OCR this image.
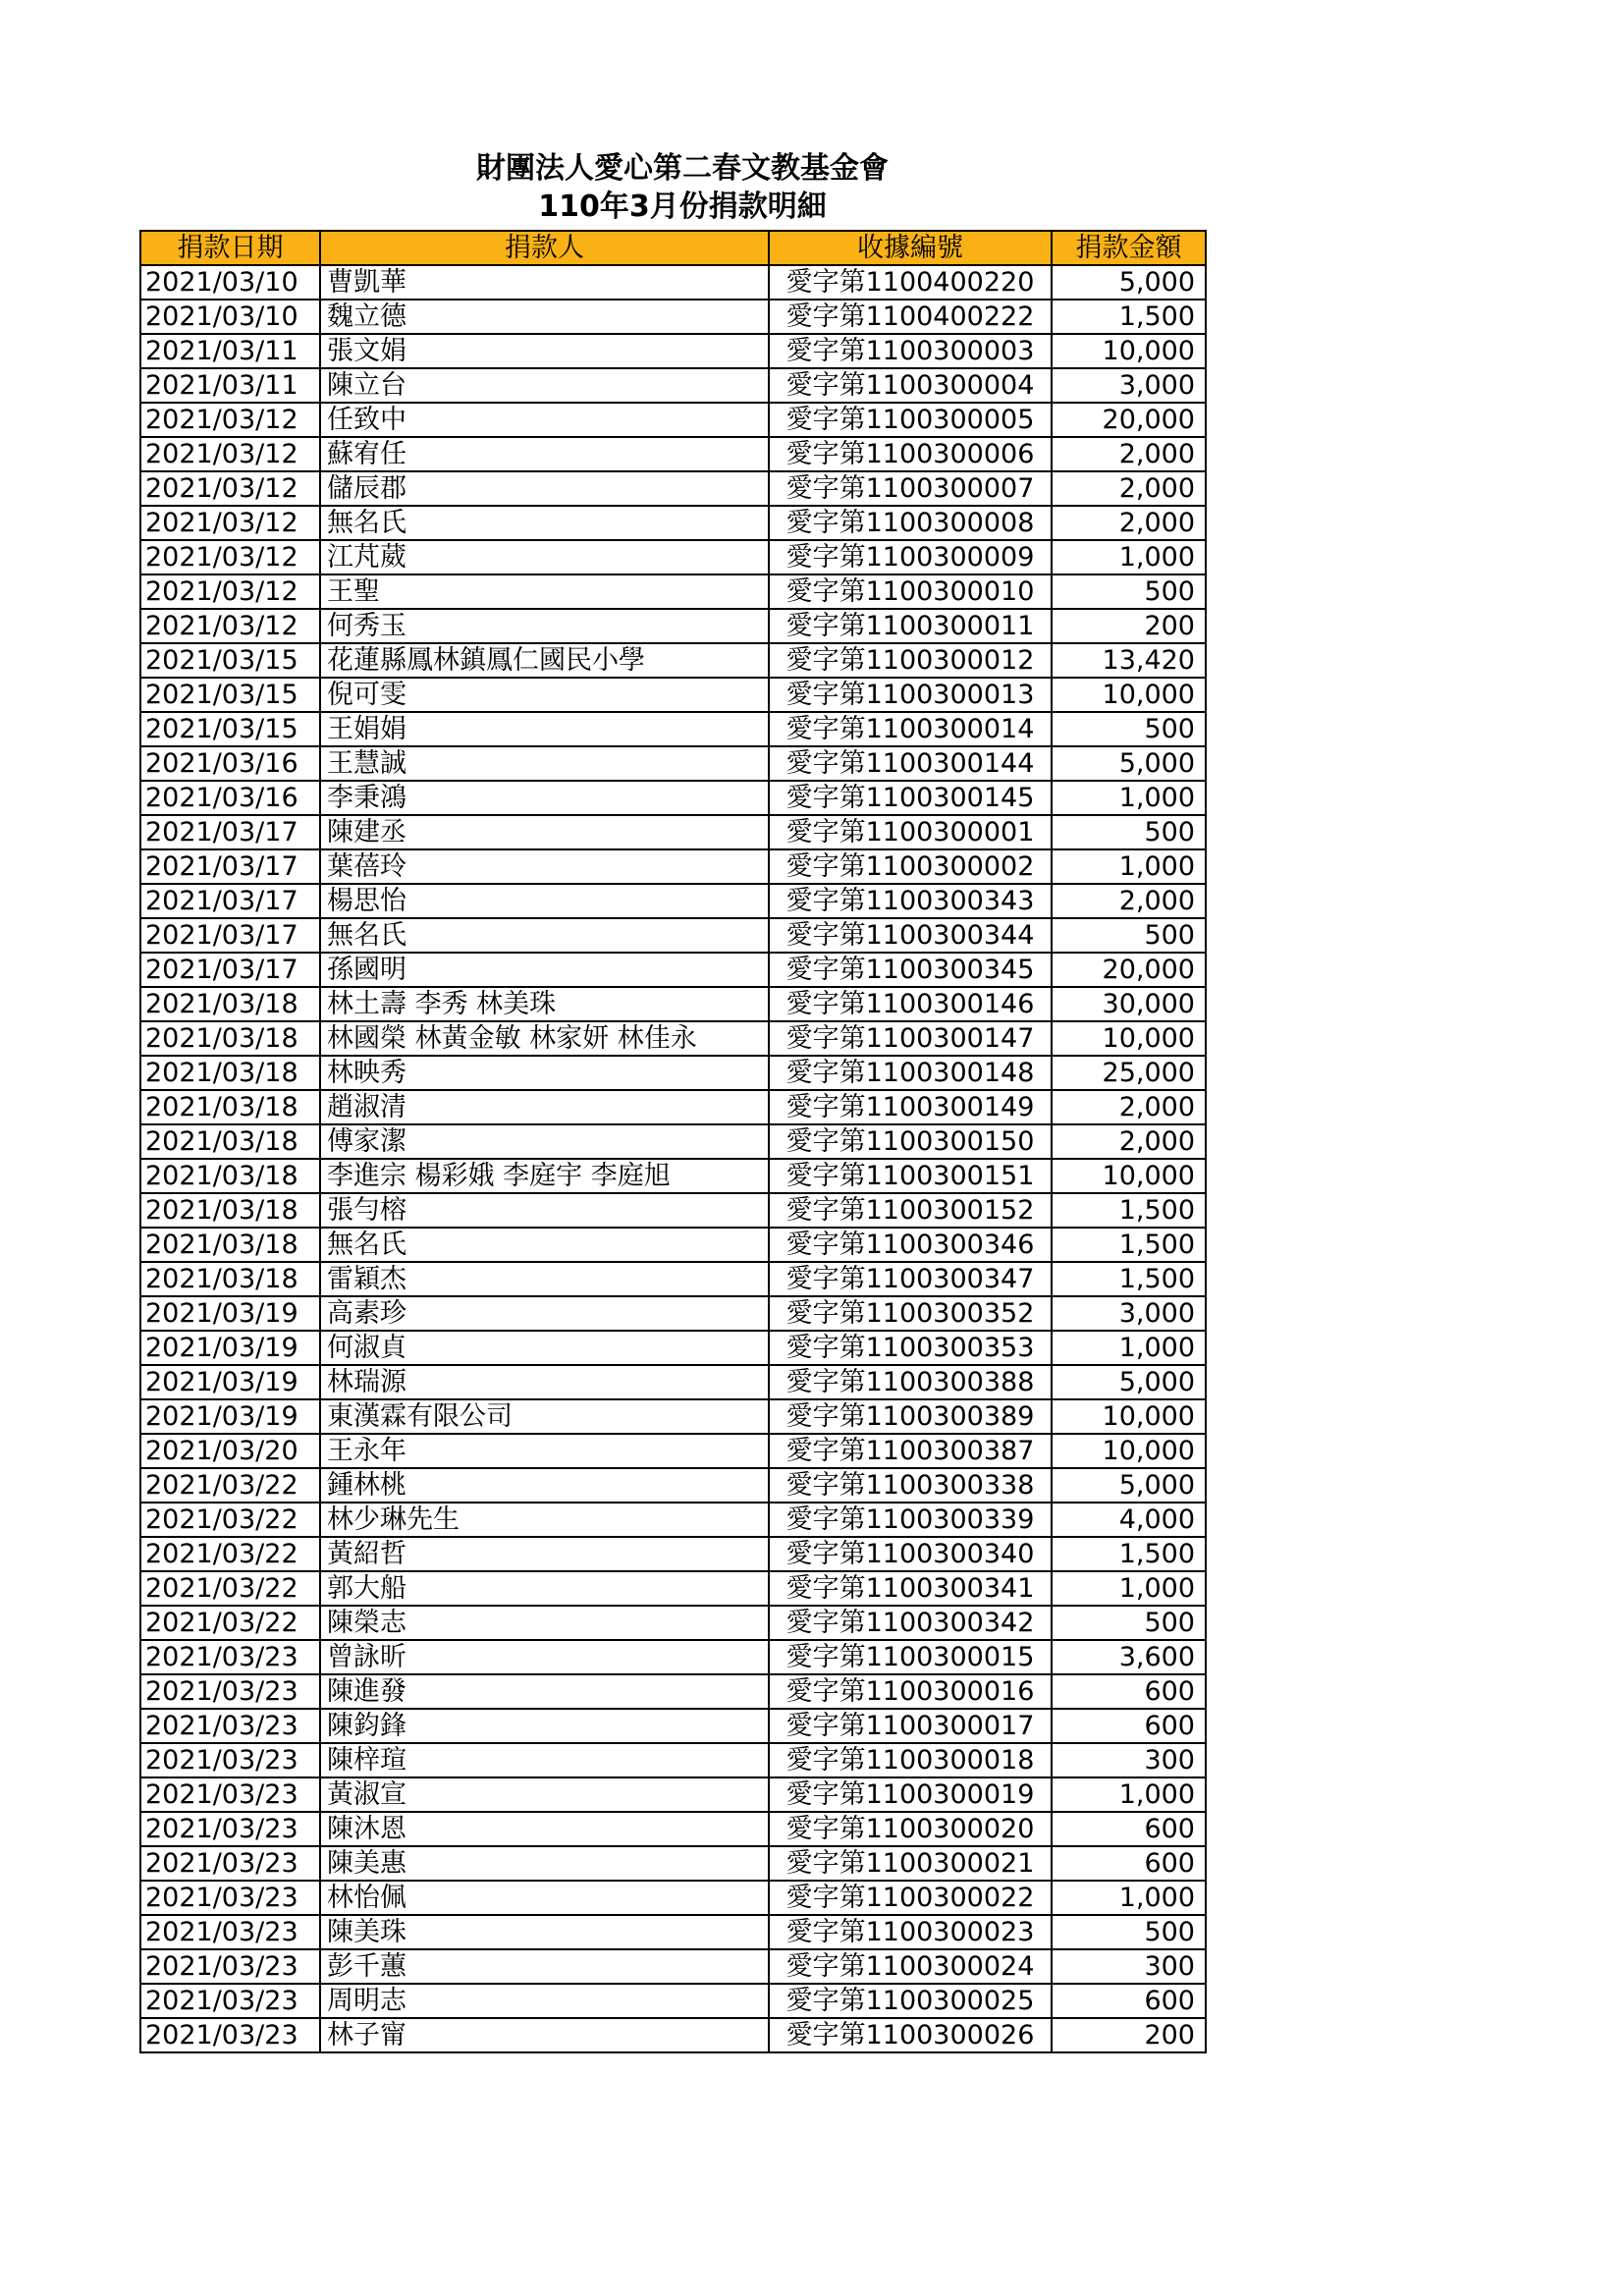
財團法人愛心第二春文教基金會
110年3月份捐款明細
捐款日期	捐款人	收據編號	捐款金額
2021/03/10	曹凱華	愛字第1100400220	5,000
2021/03/10	魏立德	愛字第1100400222	1,500
2021/03/11	張文娟	愛字第1100300003	10,000
2021/03/11	陳立台	愛字第1100300004	3,000
2021/03/12	任致中	愛字第1100300005	20,000
2021/03/12	蘇宥任	愛字第1100300006	2,000
2021/03/12	儲辰郡	愛字第1100300007	2,000
2021/03/12	無名氏	愛字第1100300008	2,000
2021/03/12	江芃葳	愛字第1100300009	1,000
2021/03/12	王聖	愛字第1100300010	500
2021/03/12	何秀玉	愛字第1100300011	200
2021/03/15	花蓮縣鳳林鎮鳳仁國民小學	愛字第1100300012	13,420
2021/03/15	倪可雯	愛字第1100300013	10,000
2021/03/15	王娟娟	愛字第1100300014	500
2021/03/16	王慧誠	愛字第1100300144	5,000
2021/03/16	李秉鴻	愛字第1100300145	1,000
2021/03/17	陳建丞	愛字第1100300001	500
2021/03/17	葉蓓玲	愛字第1100300002	1,000
2021/03/17	楊思怡	愛字第1100300343	2,000
2021/03/17	無名氏	愛字第1100300344	500
2021/03/17	孫國明	愛字第1100300345	20,000
2021/03/18	林土壽 李秀 林美珠	愛字第1100300146	30,000
2021/03/18	林國榮 林黃金敏 林家妍 林佳永	愛字第1100300147	10,000
2021/03/18	林映秀	愛字第1100300148	25,000
2021/03/18	趙淑清	愛字第1100300149	2,000
2021/03/18	傅家潔	愛字第1100300150	2,000
2021/03/18	李進宗 楊彩娥 李庭宇 李庭旭	愛字第1100300151	10,000
2021/03/18	張勻榕	愛字第1100300152	1,500
2021/03/18	無名氏	愛字第1100300346	1,500
2021/03/18	雷穎杰	愛字第1100300347	1,500
2021/03/19	高素珍	愛字第1100300352	3,000
2021/03/19	何淑貞	愛字第1100300353	1,000
2021/03/19	林瑞源	愛字第1100300388	5,000
2021/03/19	東漢霖有限公司	愛字第1100300389	10,000
2021/03/20	王永年	愛字第1100300387	10,000
2021/03/22	鍾林桃	愛字第1100300338	5,000
2021/03/22	林少琳先生	愛字第1100300339	4,000
2021/03/22	黃紹哲	愛字第1100300340	1,500
2021/03/22	郭大船	愛字第1100300341	1,000
2021/03/22	陳榮志	愛字第1100300342	500
2021/03/23	曾詠昕	愛字第1100300015	3,600
2021/03/23	陳進發	愛字第1100300016	600
2021/03/23	陳鈞鋒	愛字第1100300017	600
2021/03/23	陳梓瑄	愛字第1100300018	300
2021/03/23	黃淑宣	愛字第1100300019	1,000
2021/03/23	陳沐恩	愛字第1100300020	600
2021/03/23	陳美惠	愛字第1100300021	600
2021/03/23	林怡佩	愛字第1100300022	1,000
2021/03/23	陳美珠	愛字第1100300023	500
2021/03/23	彭千蕙	愛字第1100300024	300
2021/03/23	周明志	愛字第1100300025	600
2021/03/23	林子甯	愛字第1100300026	200
